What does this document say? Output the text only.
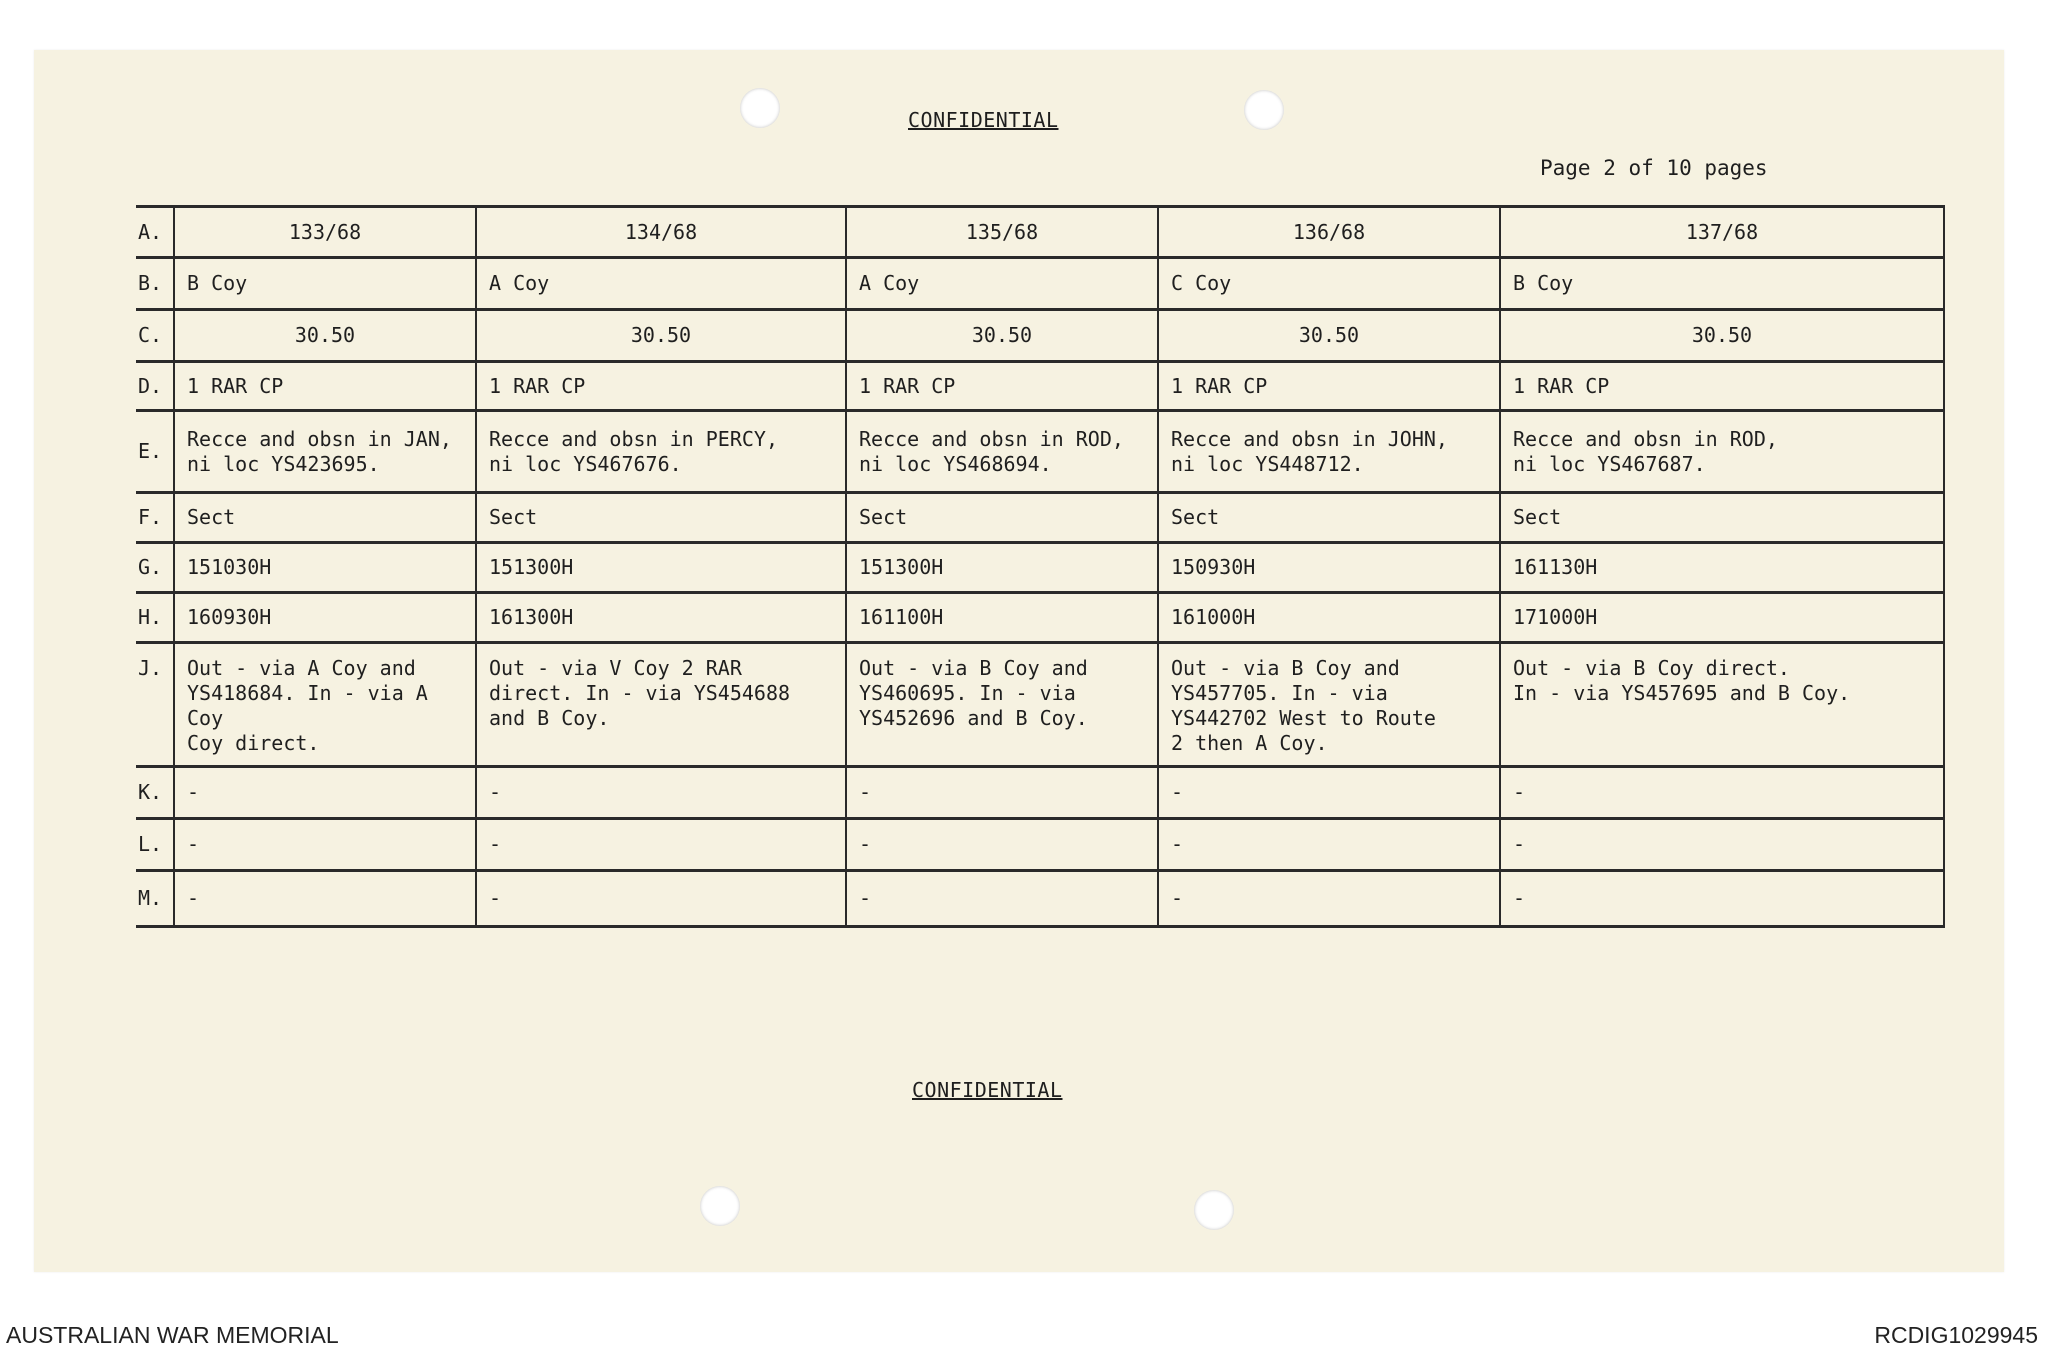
CONFIDENTIAL
Page 2 of 10 pages
A.	133/68	134/68	135/68	136/68	137/68
B.	B Coy	A Coy	A Coy	C Coy	B Coy
C.	30.50	30.50	30.50	30.50	30.50
D.	1 RAR CP	1 RAR CP	1 RAR CP	1 RAR CP	1 RAR CP
E.	Recce and obsn in JAN,
ni loc YS423695.	Recce and obsn in PERCY,
ni loc YS467676.	Recce and obsn in ROD,
ni loc YS468694.	Recce and obsn in JOHN,
ni loc YS448712.	Recce and obsn in ROD,
ni loc YS467687.
F.	Sect	Sect	Sect	Sect	Sect
G.	151030H	151300H	151300H	150930H	161130H
H.	160930H	161300H	161100H	161000H	171000H
J.	Out - via A Coy and
YS418684. In - via A Coy
Coy direct.	Out - via V Coy 2 RAR
direct. In - via YS454688
and B Coy.	Out - via B Coy and
YS460695. In - via
YS452696 and B Coy.	Out - via B Coy and
YS457705. In - via
YS442702 West to Route
2 then A Coy.	Out - via B Coy direct.
In - via YS457695 and B Coy.
K.	-	-	-	-	-
L.	-	-	-	-	-
M.	-	-	-	-	-
CONFIDENTIAL
AUSTRALIAN WAR MEMORIAL	RCDIG1029945
